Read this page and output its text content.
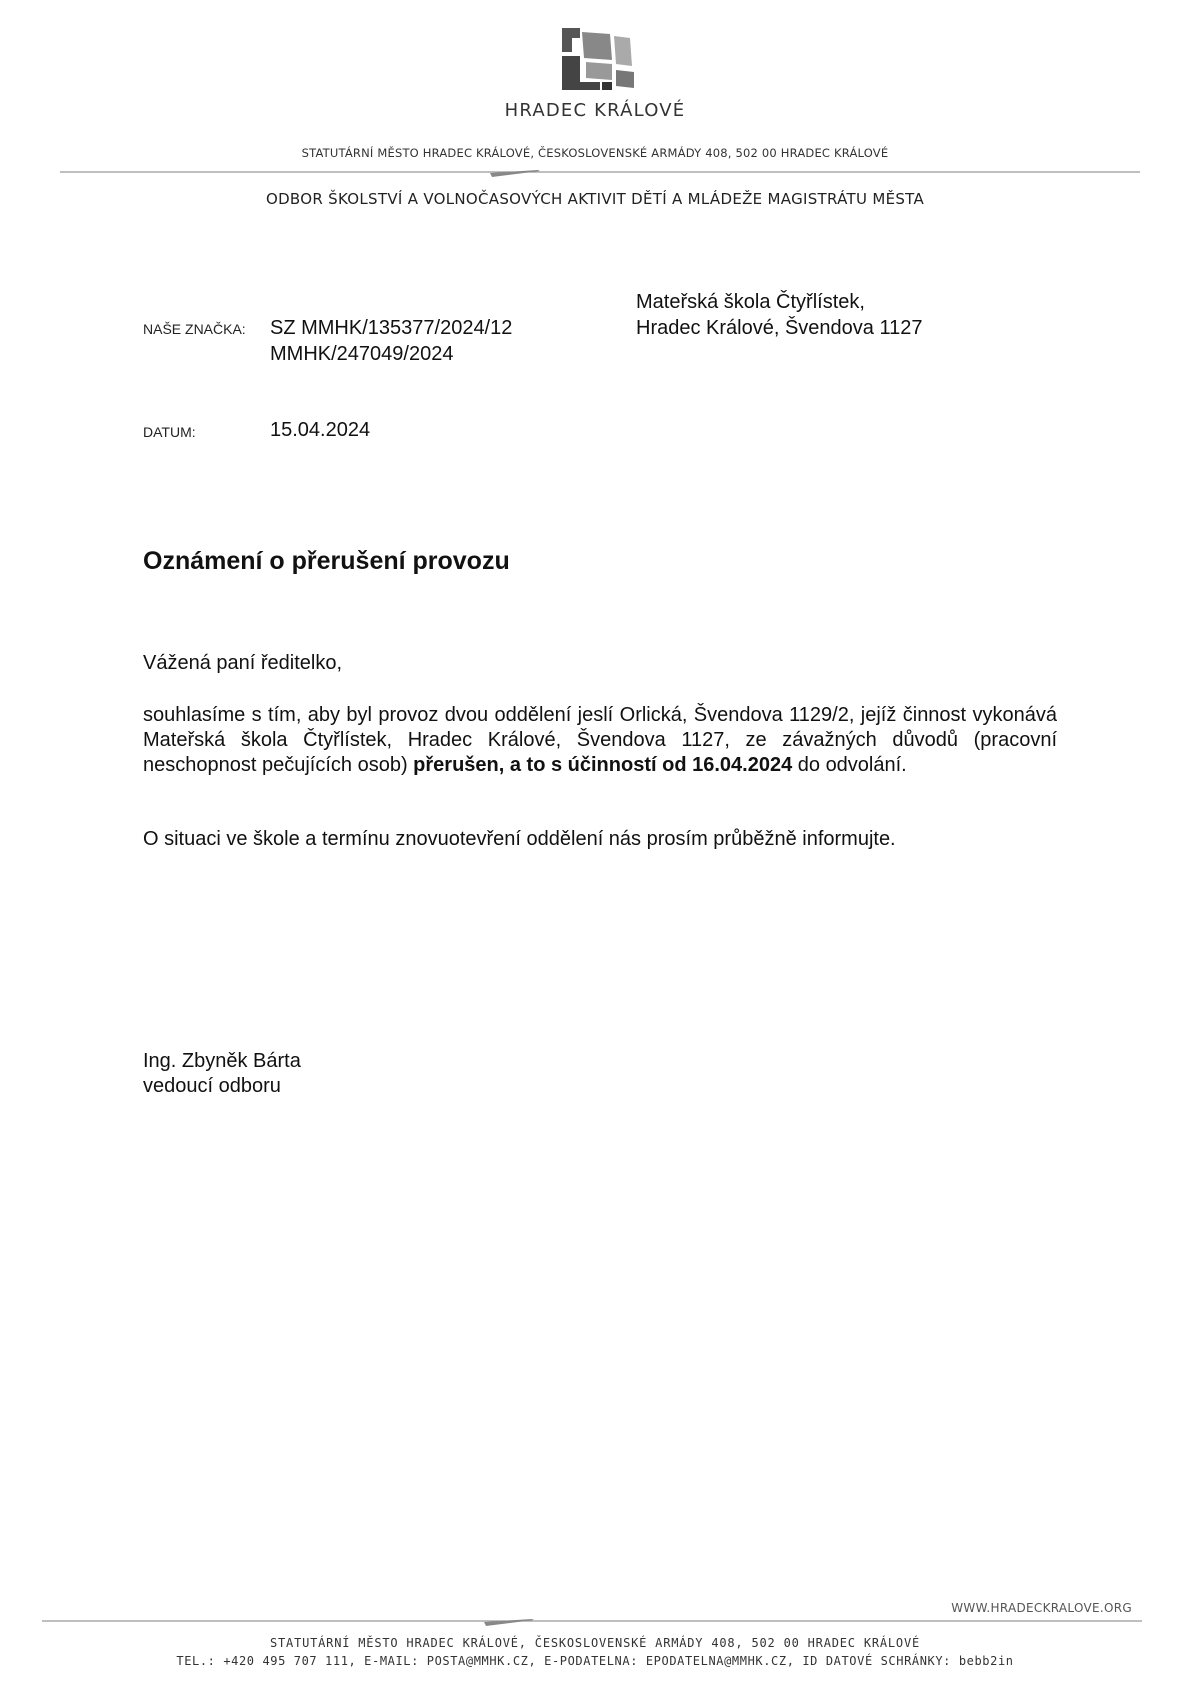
HRADEC KRÁLOVÉ
STATUTÁRNÍ MĚSTO HRADEC KRÁLOVÉ, ČESKOSLOVENSKÉ ARMÁDY 408, 502 00 HRADEC KRÁLOVÉ
ODBOR ŠKOLSTVÍ A VOLNOČASOVÝCH AKTIVIT DĚTÍ A MLÁDEŽE MAGISTRÁTU MĚSTA
NAŠE ZNAČKA: SZ MMHK/135377/2024/12
MMHK/247049/2024
Mateřská škola Čtyřlístek,
Hradec Králové, Švendova 1127
DATUM:	15.04.2024
Oznámení o přerušení provozu
Vážená paní ředitelko,
souhlasíme s tím, aby byl provoz dvou oddělení jeslí Orlická, Švendova 1129/2, jejíž činnost vykonává Mateřská škola Čtyřlístek, Hradec Králové, Švendova 1127, ze závažných důvodů (pracovní neschopnost pečujících osob) přerušen, a to s účinností od 16.04.2024 do odvolání.
O situaci ve škole a termínu znovuotevření oddělení nás prosím průběžně informujte.
Ing. Zbyněk Bárta
vedoucí odboru
WWW.HRADECKRALOVE.ORG
STATUTÁRNÍ MĚSTO HRADEC KRÁLOVÉ, ČESKOSLOVENSKÉ ARMÁDY 408, 502 00 HRADEC KRÁLOVÉ
TEL.: +420 495 707 111, E-MAIL: POSTA@MMHK.CZ, E-PODATELNA: EPODATELNA@MMHK.CZ, ID DATOVÉ SCHRÁNKY: bebb2in
